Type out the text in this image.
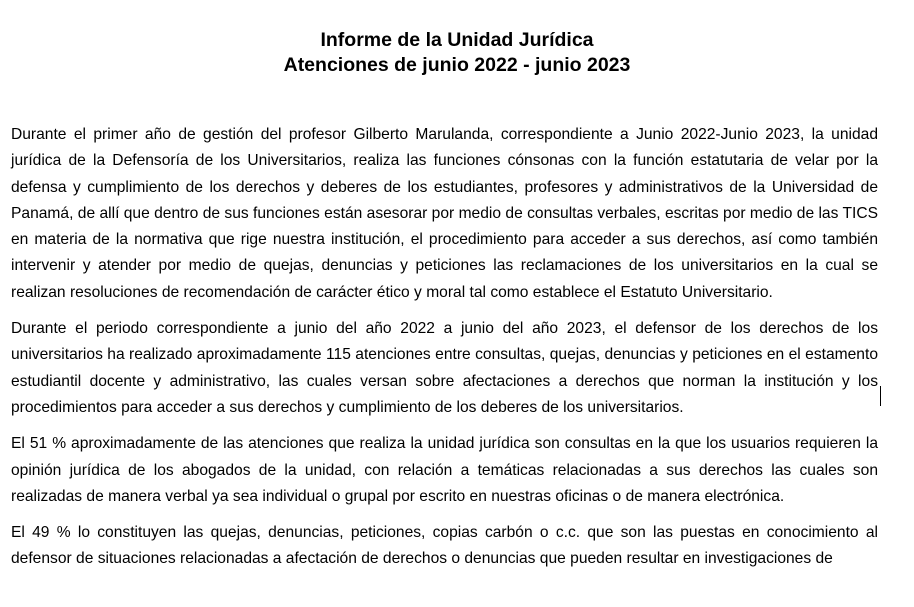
Informe de la Unidad Jurídica
Atenciones de junio 2022 - junio 2023

Durante el primer año de gestión del profesor Gilberto Marulanda, correspondiente a Junio 2022-Junio 2023, la unidad jurídica de la Defensoría de los Universitarios, realiza las funciones cónsonas con la función estatutaria de velar por la defensa y cumplimiento de los derechos y deberes de los estudiantes, profesores y administrativos de la Universidad de Panamá, de allí que dentro de sus funciones están asesorar por medio de consultas verbales, escritas por medio de las TICS en materia de la normativa que rige nuestra institución, el procedimiento para acceder a sus derechos, así como también intervenir y atender por medio de quejas, denuncias y peticiones las reclamaciones de los universitarios en la cual se realizan resoluciones de recomendación de carácter ético y moral tal como establece el Estatuto Universitario.

Durante el periodo correspondiente a junio del año 2022 a junio del año 2023, el defensor de los derechos de los universitarios ha realizado aproximadamente 115 atenciones entre consultas, quejas, denuncias y peticiones en el estamento estudiantil docente y administrativo, las cuales versan sobre afectaciones a derechos que norman la institución y los procedimientos para acceder a sus derechos y cumplimiento de los deberes de los universitarios.

El 51 % aproximadamente de las atenciones que realiza la unidad jurídica son consultas en la que los usuarios requieren la opinión jurídica de los abogados de la unidad, con relación a temáticas relacionadas a sus derechos las cuales son realizadas de manera verbal ya sea individual o grupal por escrito en nuestras oficinas o de manera electrónica.

El 49 % lo constituyen las quejas, denuncias, peticiones, copias carbón o c.c. que son las puestas en conocimiento al defensor de situaciones relacionadas a afectación de derechos o denuncias que pueden resultar en investigaciones de
